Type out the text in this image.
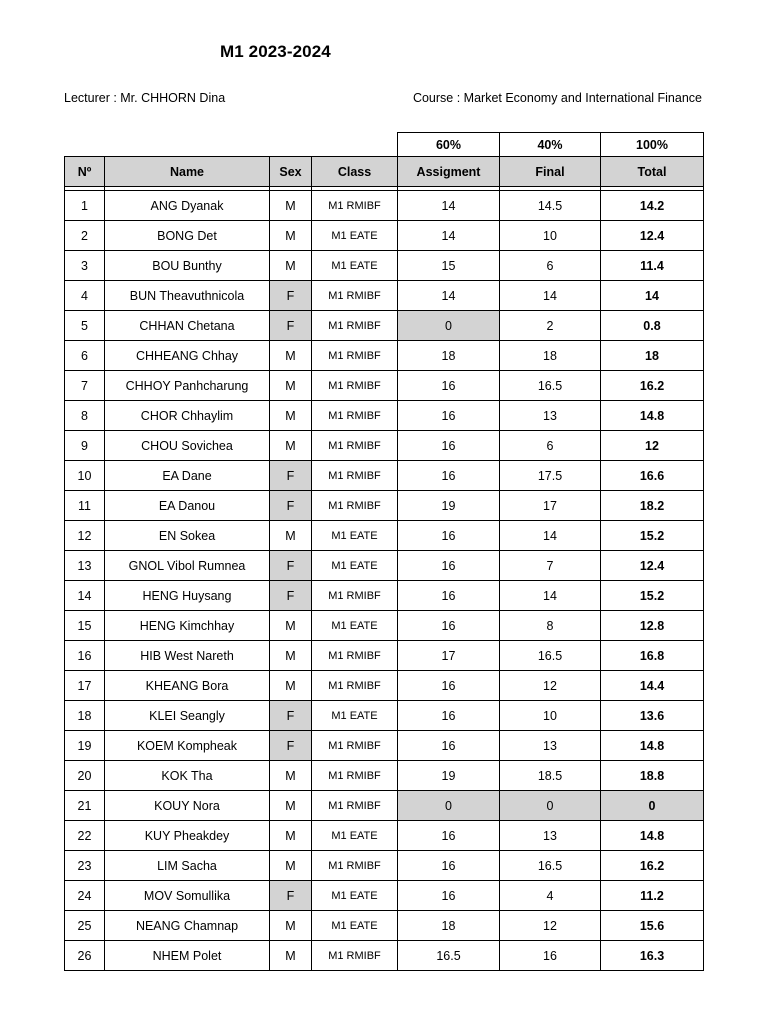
M1 2023-2024
Lecturer : Mr. CHHORN Dina	Course : Market Economy and International Finance
				60%	40%	100%
Nº	Name	Sex	Class	Assigment	Final	Total

1	ANG Dyanak	M	M1 RMIBF	14	14.5	14.2
2	BONG Det	M	M1 EATE	14	10	12.4
3	BOU Bunthy	M	M1 EATE	15	6	11.4
4	BUN Theavuthnicola	F	M1 RMIBF	14	14	14
5	CHHAN Chetana	F	M1 RMIBF	0	2	0.8
6	CHHEANG Chhay	M	M1 RMIBF	18	18	18
7	CHHOY Panhcharung	M	M1 RMIBF	16	16.5	16.2
8	CHOR Chhaylim	M	M1 RMIBF	16	13	14.8
9	CHOU Sovichea	M	M1 RMIBF	16	6	12
10	EA Dane	F	M1 RMIBF	16	17.5	16.6
11	EA Danou	F	M1 RMIBF	19	17	18.2
12	EN Sokea	M	M1 EATE	16	14	15.2
13	GNOL Vibol Rumnea	F	M1 EATE	16	7	12.4
14	HENG Huysang	F	M1 RMIBF	16	14	15.2
15	HENG Kimchhay	M	M1 EATE	16	8	12.8
16	HIB West Nareth	M	M1 RMIBF	17	16.5	16.8
17	KHEANG Bora	M	M1 RMIBF	16	12	14.4
18	KLEI Seangly	F	M1 EATE	16	10	13.6
19	KOEM Kompheak	F	M1 RMIBF	16	13	14.8
20	KOK Tha	M	M1 RMIBF	19	18.5	18.8
21	KOUY Nora	M	M1 RMIBF	0	0	0
22	KUY Pheakdey	M	M1 EATE	16	13	14.8
23	LIM Sacha	M	M1 RMIBF	16	16.5	16.2
24	MOV Somullika	F	M1 EATE	16	4	11.2
25	NEANG Chamnap	M	M1 EATE	18	12	15.6
26	NHEM Polet	M	M1 RMIBF	16.5	16	16.3
